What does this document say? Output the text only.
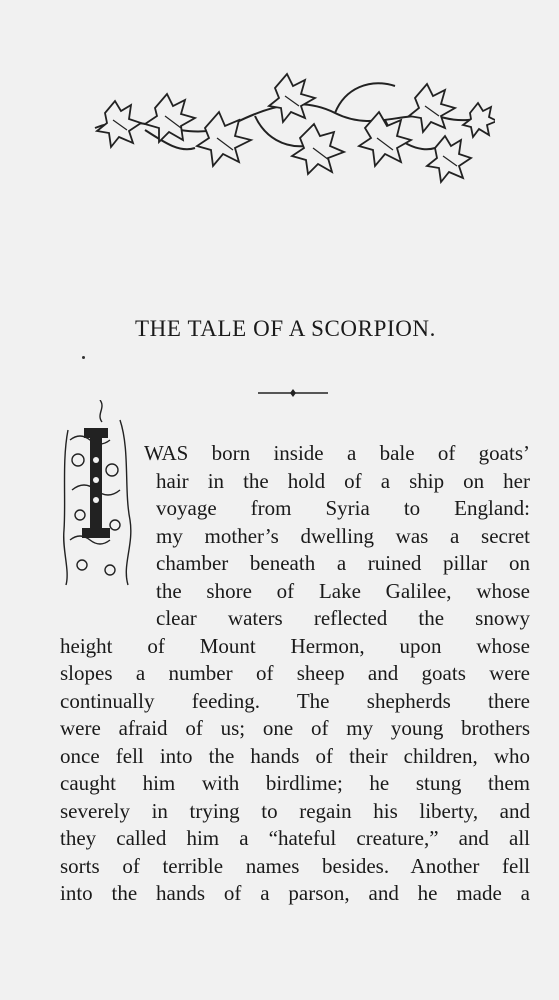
THE TALE OF A SCORPION.
WAS born inside a bale of goats’
hair in the hold of a ship on her
voyage from Syria to England:
my mother’s dwelling was a secret
chamber beneath a ruined pillar on
the shore of Lake Galilee, whose
clear waters reflected the snowy
height of Mount Hermon, upon whose
slopes a number of sheep and goats were
continually feeding. The shepherds there
were afraid of us; one of my young brothers
once fell into the hands of their children, who
caught him with birdlime; he stung them
severely in trying to regain his liberty, and
they called him a “hateful creature,” and all
sorts of terrible names besides. Another fell
into the hands of a parson, and he made a
